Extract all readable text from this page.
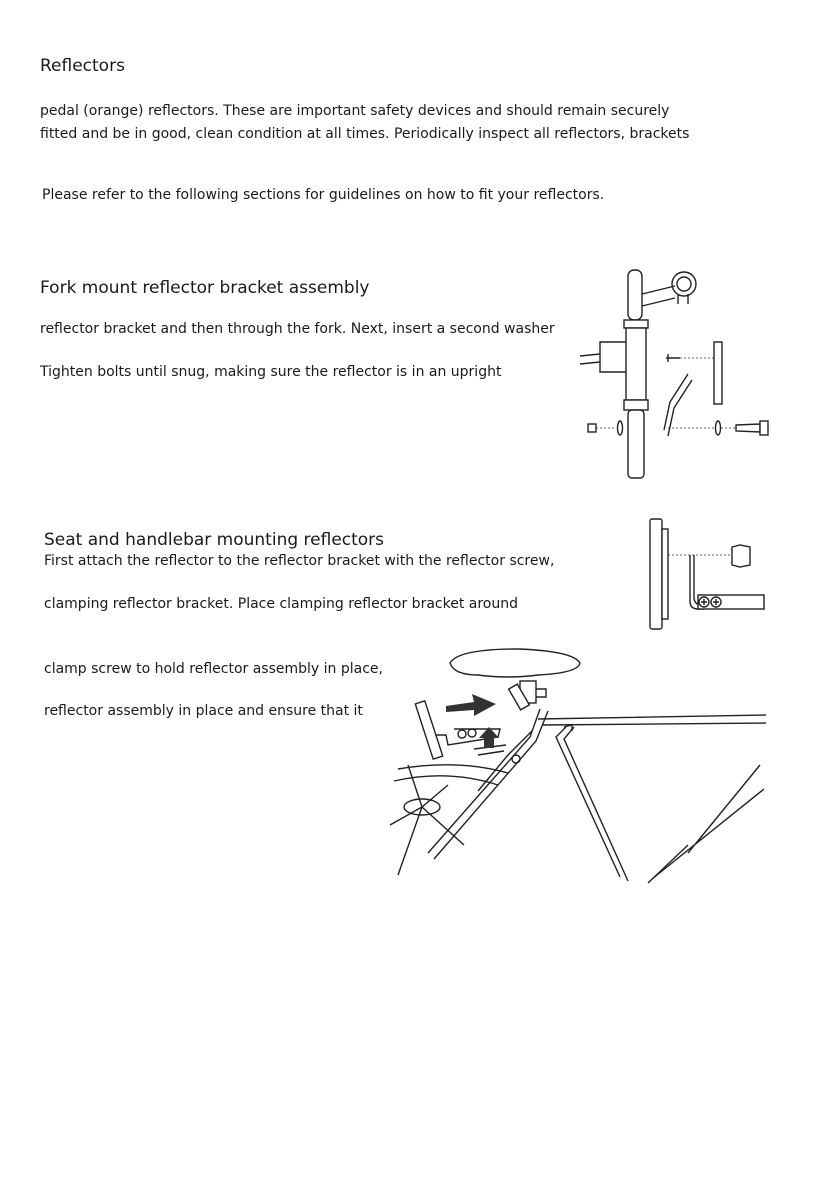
Reflectors
pedal (orange) reflectors. These are important safety devices and should remain securely
fitted and be in good, clean condition at all times. Periodically inspect all reflectors, brackets
Please refer to the following sections for guidelines on how to fit your reflectors.
Fork mount reflector bracket assembly
reflector bracket and then through the fork. Next, insert a second washer
Tighten bolts until snug, making sure the reflector is in an upright
Seat and handlebar mounting reflectors
First attach the reflector to the reflector bracket with the reflector screw,
clamping reflector bracket. Place clamping reflector bracket around
clamp screw to hold reflector assembly in place,
reflector assembly in place and ensure that it
